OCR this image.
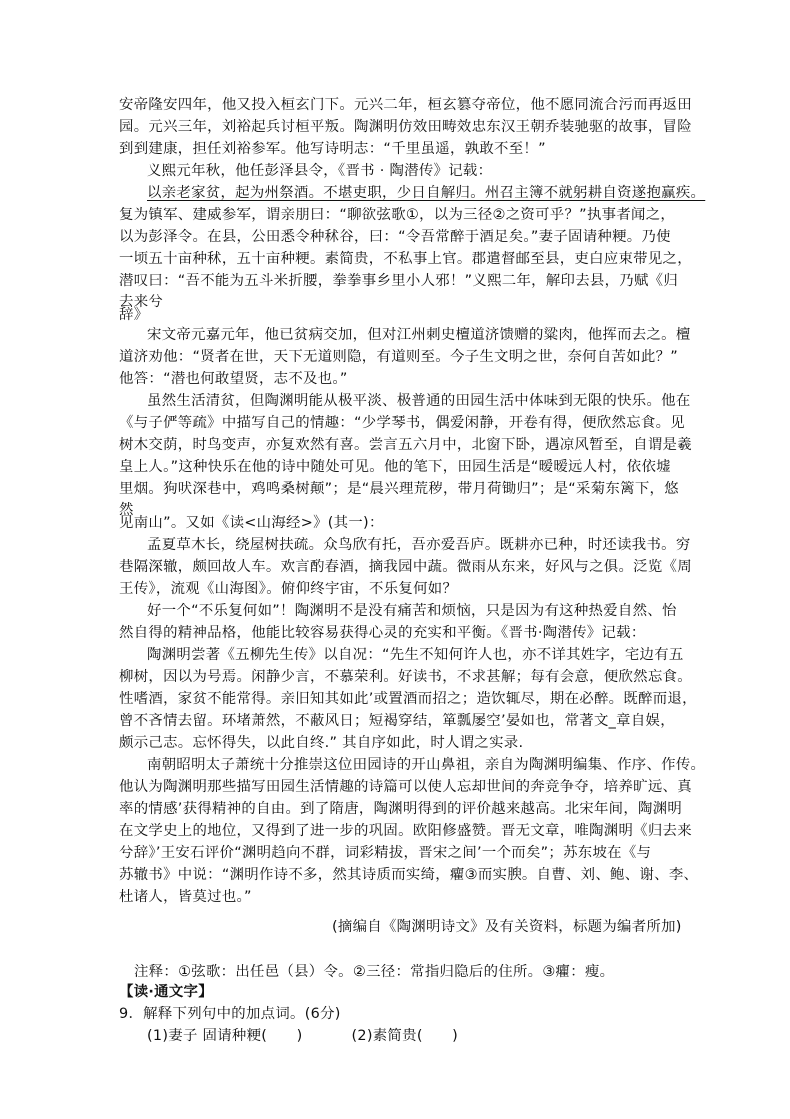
安帝隆安四年，他又投入桓玄门下。元兴二年，桓玄篡夺帝位，他不愿同流合污而再返田
园。元兴三年，刘裕起兵讨桓平叛。陶渊明仿效田畴效忠东汉王朝乔装驰驱的故事，冒险
到到建康，担任刘裕参军。他写诗明志：“千里虽遥，孰敢不至！”
义熙元年秋，他任彭泽县令，《晋书 · 陶潜传》记载：
以亲老家贫，起为州祭酒。不堪吏职，少日自解归。州召主簿不就躬耕自资遂抱赢疾。
复为镇军、建威参军，谓亲朋曰：“聊欲弦歌①，以为三径②之资可乎？”执事者闻之，
以为彭泽令。在县，公田悉令种秫谷，曰：“令吾常醉于酒足矣。”妻子固请种粳。乃使
一顷五十亩种秫，五十亩种粳。素简贵，不私事上官。郡遣督邮至县，吏白应束带见之，
潜叹曰：“吾不能为五斗米折腰，拳拳事乡里小人邪！”义熙二年，解印去县，乃赋《归
去来兮
辞》
宋文帝元嘉元年，他已贫病交加，但对江州刺史檀道济馈赠的粱肉，他挥而去之。檀
道济劝他：“贤者在世，天下无道则隐，有道则至。今子生文明之世，奈何自苦如此？”
他答：“潜也何敢望贤，志不及也。”
虽然生活清贫，但陶渊明能从极平淡、极普通的田园生活中体味到无限的快乐。他在
《与子俨等疏》中描写自己的情趣：“少学琴书，偶爱闲静，开卷有得，便欣然忘食。见
树木交荫，时鸟变声，亦复欢然有喜。尝言五六月中，北窗下卧，遇凉风暂至，自谓是羲
皇上人。”这种快乐在他的诗中随处可见。他的笔下，田园生活是“暧暧远人村，依依墟
里烟。狗吠深巷中，鸡鸣桑树颠”；是“晨兴理荒秽，带月荷锄归”；是“采菊东篱下，悠
然
见南山”。又如《读<山海经>》(其一)：
孟夏草木长，绕屋树扶疏。众鸟欣有托，吾亦爱吾庐。既耕亦已种，时还读我书。穷
巷隔深辙，颇回故人车。欢言酌春酒，摘我园中蔬。微雨从东来，好风与之俱。泛览《周
王传》，流观《山海图》。俯仰终宇宙，不乐复何如？
好一个“不乐复何如”！陶渊明不是没有痛苦和烦恼，只是因为有这种热爱自然、怡
然自得的精神品格，他能比较容易获得心灵的充实和平衡。《晋书·陶潜传》记载：
陶渊明尝著《五柳先生传》以自况：“先生不知何许人也，亦不详其姓字，宅边有五
柳树，因以为号焉。闲静少言，不慕荣利。好读书，不求甚解；每有会意，便欣然忘食。
性嗜酒，家贫不能常得。亲旧知其如此’或置酒而招之；造饮辄尽，期在必醉。既醉而退，
曾不吝情去留。环堵萧然，不蔽风日；短褐穿结，箪瓢屡空’晏如也，常著文_章自娱，
颇示己志。忘怀得失，以此自终.” 其自序如此，时人谓之实录.
南朝昭明太子萧统十分推崇这位田园诗的开山鼻祖，亲自为陶渊明编集、作序、作传。
他认为陶渊明那些描写田园生活情趣的诗篇可以使人忘却世间的奔竞争夺，培养旷远、真
率的情感’获得精神的自由。到了隋唐，陶渊明得到的评价越来越高。北宋年间，陶渊明
在文学史上的地位，又得到了进一步的巩固。欧阳修盛赞。晋无文章，唯陶渊明《归去来
兮辞》’王安石评价“渊明趋向不群，词彩精拔，晋宋之间’一个而矣”；苏东坡在《与
苏辙书》中说：“渊明作诗不多，然其诗质而实绮，癯③而实腴。自曹、刘、鲍、谢、李、
杜诸人，皆莫过也。”
(摘编自《陶渊明诗文》及有关资料，标题为编者所加)
注释：①弦歌：出任邑（县）令。②三径：常指归隐后的住所。③癯：瘦。
【读·通文字】
9．解释下列句中的加点词。(6分)
(1)妻子 固请种粳(　　)　　　 (2)素简贵(　　)
